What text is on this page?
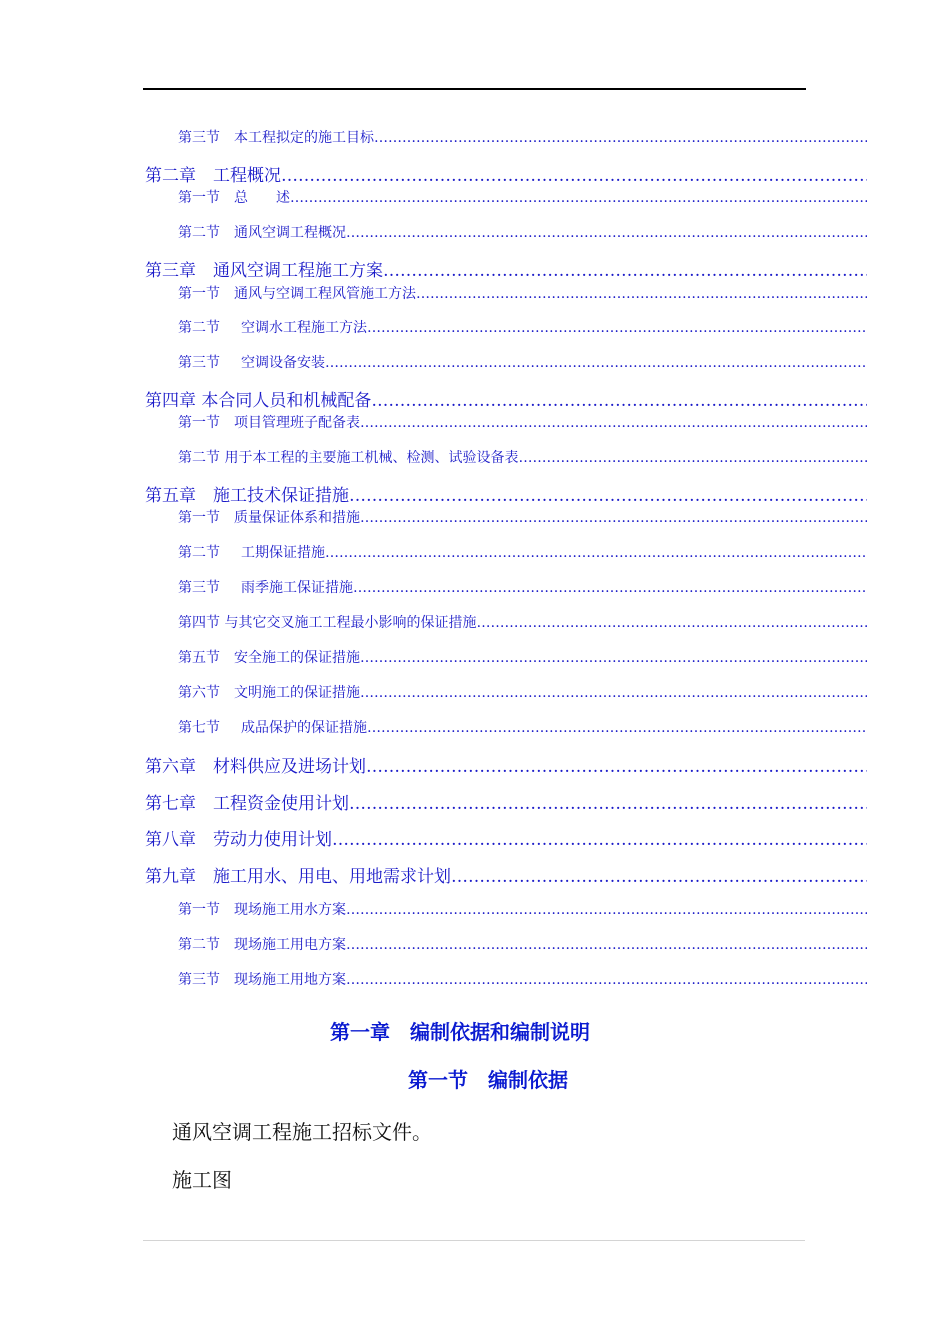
第三节　本工程拟定的施工目标
…………………………………………………………………………………………………………………………………………………………………………………………………………
第二章　工程概况
…………………………………………………………………………………………………………………………………………………………………………………………………………
第一节　总　　述
…………………………………………………………………………………………………………………………………………………………………………………………………………
第二节　通风空调工程概况
…………………………………………………………………………………………………………………………………………………………………………………………………………
第三章　通风空调工程施工方案
…………………………………………………………………………………………………………………………………………………………………………………………………………
第一节　通风与空调工程风管施工方法
…………………………………………………………………………………………………………………………………………………………………………………………………………
第二节　 空调水工程施工方法
…………………………………………………………………………………………………………………………………………………………………………………………………………
第三节　 空调设备安装
…………………………………………………………………………………………………………………………………………………………………………………………………………
第四章 本合同人员和机械配备
…………………………………………………………………………………………………………………………………………………………………………………………………………
第一节　项目管理班子配备表
…………………………………………………………………………………………………………………………………………………………………………………………………………
第二节 用于本工程的主要施工机械、检测、试验设备表
…………………………………………………………………………………………………………………………………………………………………………………………………………
第五章　施工技术保证措施
…………………………………………………………………………………………………………………………………………………………………………………………………………
第一节　质量保证体系和措施
…………………………………………………………………………………………………………………………………………………………………………………………………………
第二节　 工期保证措施
…………………………………………………………………………………………………………………………………………………………………………………………………………
第三节　 雨季施工保证措施
…………………………………………………………………………………………………………………………………………………………………………………………………………
第四节 与其它交叉施工工程最小影响的保证措施
…………………………………………………………………………………………………………………………………………………………………………………………………………
第五节　安全施工的保证措施
…………………………………………………………………………………………………………………………………………………………………………………………………………
第六节　文明施工的保证措施
…………………………………………………………………………………………………………………………………………………………………………………………………………
第七节　 成品保护的保证措施
…………………………………………………………………………………………………………………………………………………………………………………………………………
第六章　材料供应及进场计划
…………………………………………………………………………………………………………………………………………………………………………………………………………
第七章　工程资金使用计划
…………………………………………………………………………………………………………………………………………………………………………………………………………
第八章　劳动力使用计划
…………………………………………………………………………………………………………………………………………………………………………………………………………
第九章　施工用水、用电、用地需求计划
…………………………………………………………………………………………………………………………………………………………………………………………………………
第一节　现场施工用水方案
…………………………………………………………………………………………………………………………………………………………………………………………………………
第二节　现场施工用电方案
…………………………………………………………………………………………………………………………………………………………………………………………………………
第三节　现场施工用地方案
…………………………………………………………………………………………………………………………………………………………………………………………………………
第一章　编制依据和编制说明
第一节　编制依据
通风空调工程施工招标文件。
施工图
